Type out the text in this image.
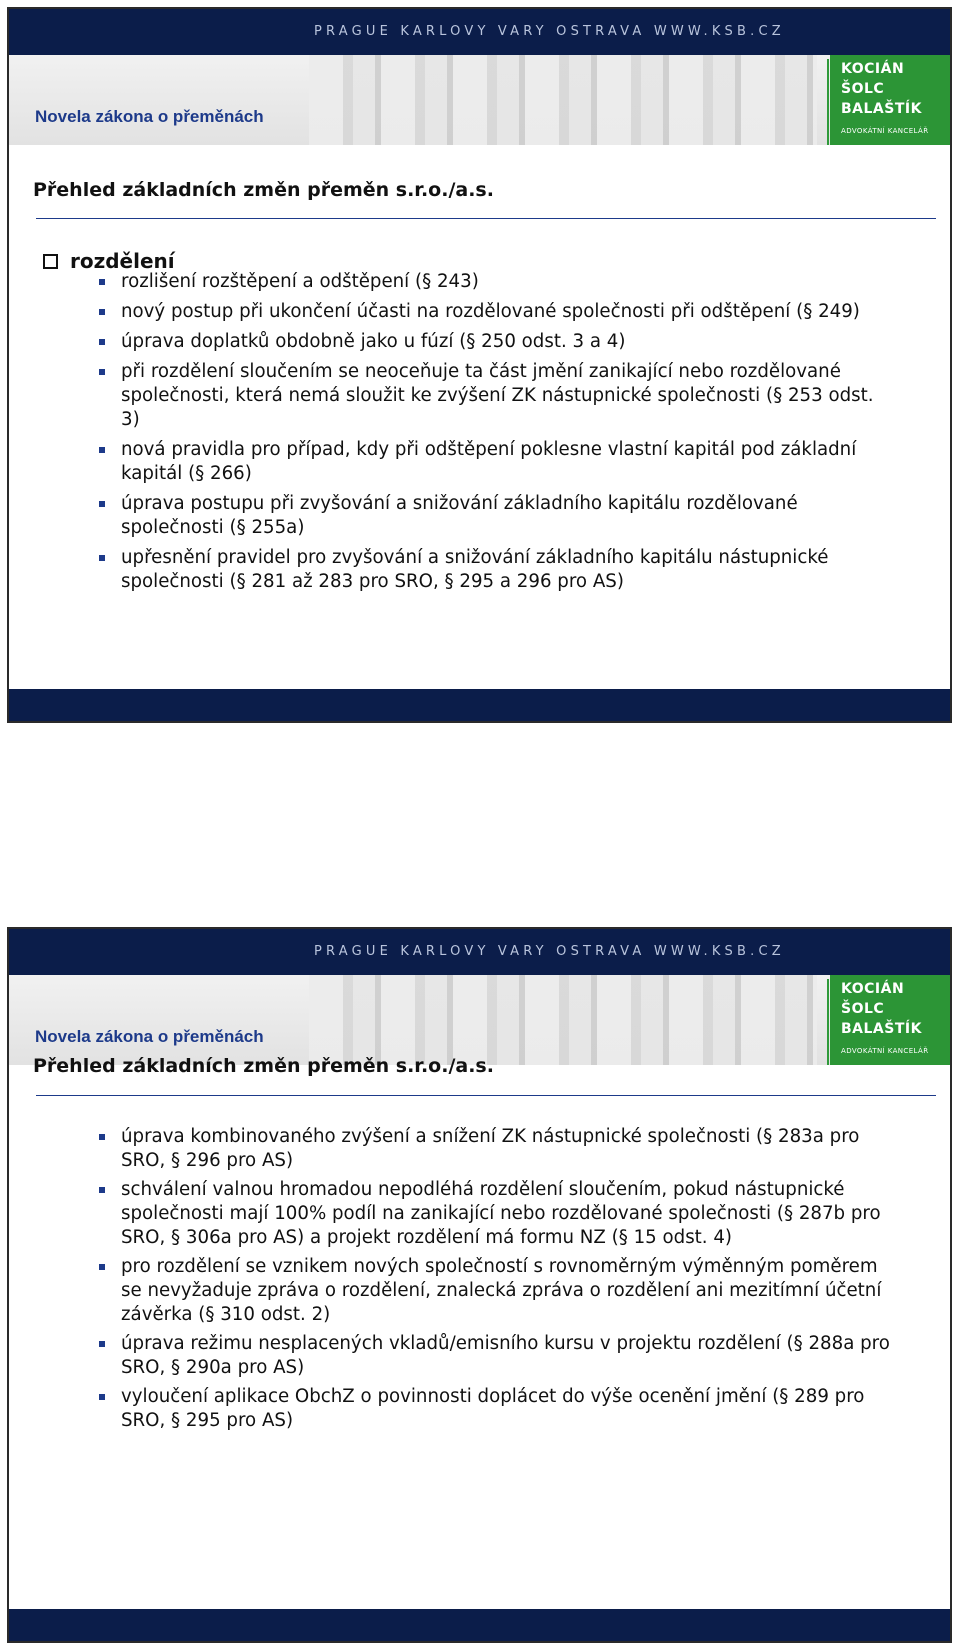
PRAGUE KARLOVY VARY OSTRAVA WWW.KSB.CZ
Novela zákona o přeměnách
KOCIÁN
ŠOLC
BALAŠTÍK
ADVOKÁTNÍ KANCELÁŘ
Přehled základních změn přeměn s.r.o./a.s.
rozdělení
rozlišení rozštěpení a odštěpení (§ 243)
nový postup při ukončení účasti na rozdělované společnosti při odštěpení (§ 249)
úprava doplatků obdobně jako u fúzí (§ 250 odst. 3 a 4)
při rozdělení sloučením se neoceňuje ta část jmění zanikající nebo rozdělované společnosti, která nemá sloužit ke zvýšení ZK nástupnické společnosti (§ 253 odst. 3)
nová pravidla pro případ, kdy při odštěpení poklesne vlastní kapitál pod základní kapitál (§ 266)
úprava postupu při zvyšování a snižování základního kapitálu rozdělované společnosti (§ 255a)
upřesnění pravidel pro zvyšování a snižování základního kapitálu nástupnické společnosti (§ 281 až 283 pro SRO, § 295 a 296 pro AS)
PRAGUE KARLOVY VARY OSTRAVA WWW.KSB.CZ
Novela zákona o přeměnách
KOCIÁN
ŠOLC
BALAŠTÍK
ADVOKÁTNÍ KANCELÁŘ
Přehled základních změn přeměn s.r.o./a.s.
úprava kombinovaného zvýšení a snížení ZK nástupnické společnosti (§ 283a pro SRO, § 296 pro AS)
schválení valnou hromadou nepodléhá rozdělení sloučením, pokud nástupnické společnosti mají 100% podíl na zanikající nebo rozdělované společnosti (§ 287b pro SRO, § 306a pro AS) a projekt rozdělení má formu NZ (§ 15 odst. 4)
pro rozdělení se vznikem nových společností s rovnoměrným výměnným poměrem se nevyžaduje zpráva o rozdělení, znalecká zpráva o rozdělení ani mezitímní účetní závěrka (§ 310 odst. 2)
úprava režimu nesplacených vkladů/emisního kursu v projektu rozdělení (§ 288a pro SRO, § 290a pro AS)
vyloučení aplikace ObchZ o povinnosti doplácet do výše ocenění jmění (§ 289 pro SRO, § 295 pro AS)
